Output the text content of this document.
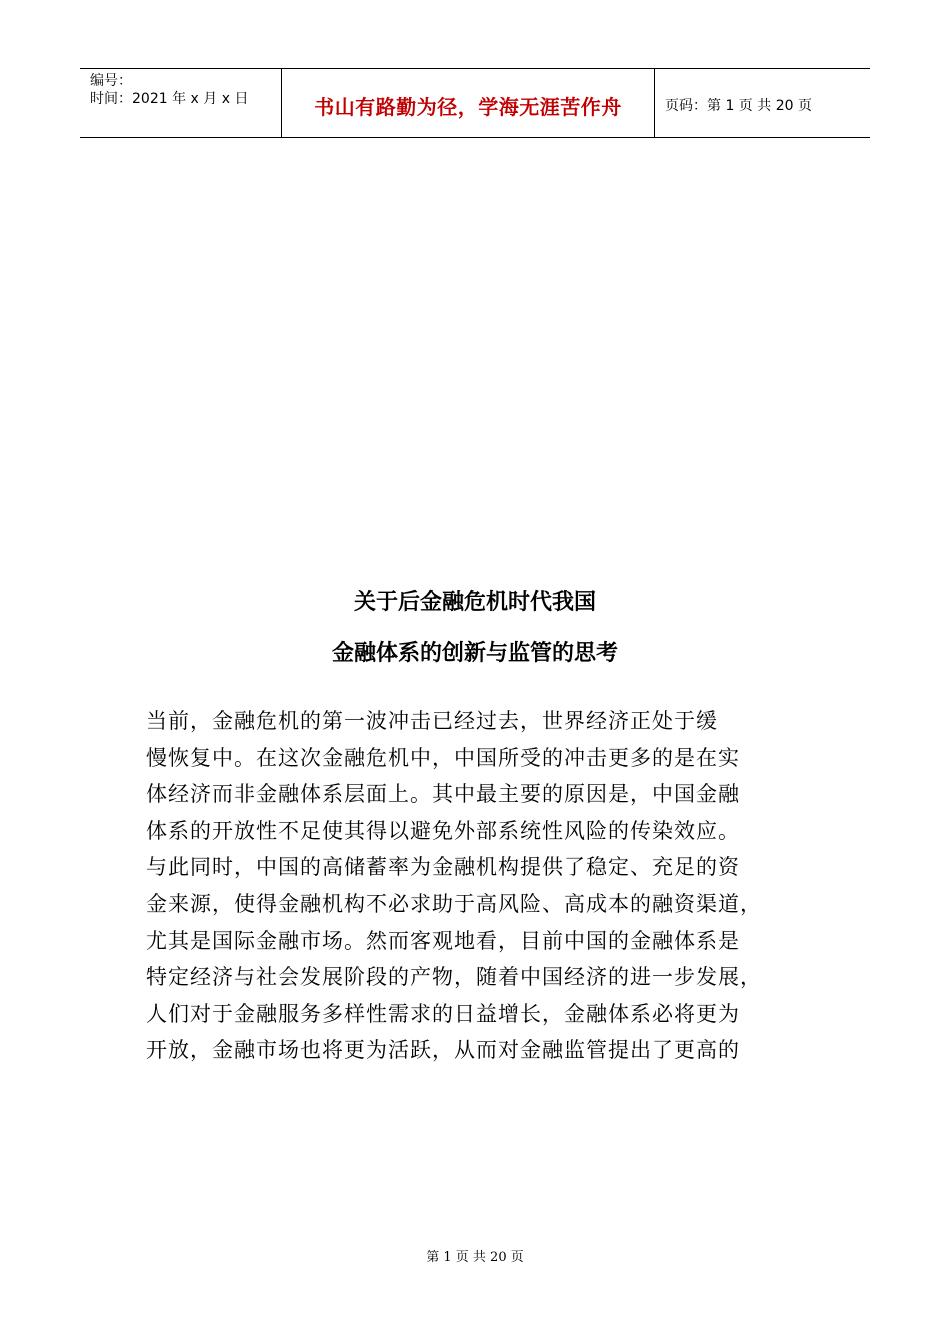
编号：
时间：2021 年 x 月 x 日	书山有路勤为径，学海无涯苦作舟	页码：第 1 页 共 20 页
关于后金融危机时代我国
金融体系的创新与监管的思考
当前，金融危机的第一波冲击已经过去，世界经济正处于缓
慢恢复中。在这次金融危机中，中国所受的冲击更多的是在实
体经济而非金融体系层面上。其中最主要的原因是，中国金融
体系的开放性不足使其得以避免外部系统性风险的传染效应。
与此同时，中国的高储蓄率为金融机构提供了稳定、充足的资
金来源，使得金融机构不必求助于高风险、高成本的融资渠道，
尤其是国际金融市场。然而客观地看，目前中国的金融体系是
特定经济与社会发展阶段的产物，随着中国经济的进一步发展，
人们对于金融服务多样性需求的日益增长，金融体系必将更为
开放，金融市场也将更为活跃，从而对金融监管提出了更高的
第 1 页 共 20 页
